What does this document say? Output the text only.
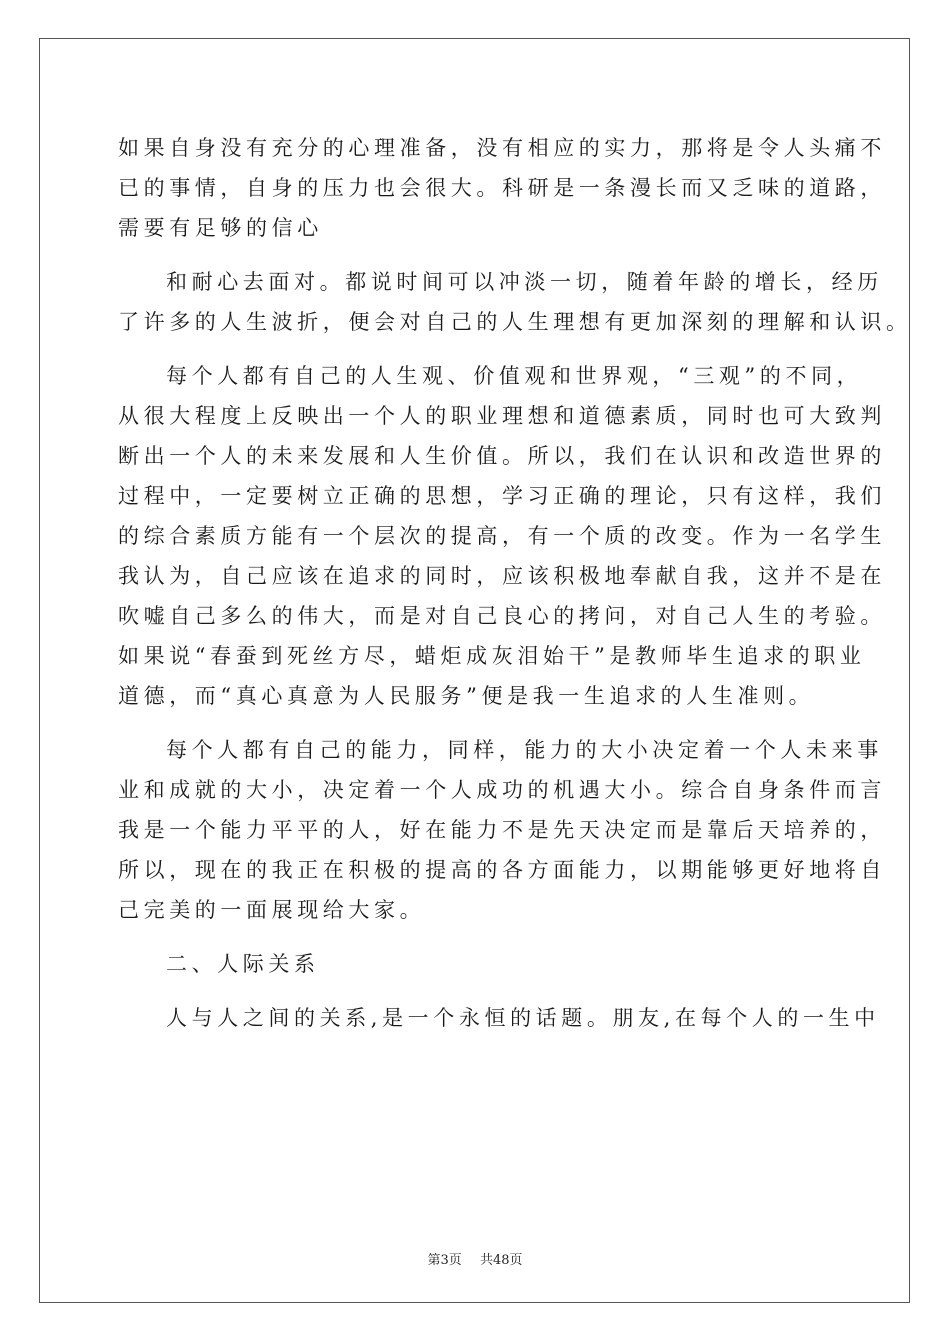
如果自身没有充分的心理准备，没有相应的实力，那将是令人头痛不
已的事情，自身的压力也会很大。科研是一条漫长而又乏味的道路，
需要有足够的信心
和耐心去面对。都说时间可以冲淡一切，随着年龄的增长，经历
了许多的人生波折，便会对自己的人生理想有更加深刻的理解和认识。
每个人都有自己的人生观、价值观和世界观，“三观”的不同，
从很大程度上反映出一个人的职业理想和道德素质，同时也可大致判
断出一个人的未来发展和人生价值。所以，我们在认识和改造世界的
过程中，一定要树立正确的思想，学习正确的理论，只有这样，我们
的综合素质方能有一个层次的提高，有一个质的改变。作为一名学生
我认为，自己应该在追求的同时，应该积极地奉献自我，这并不是在
吹嘘自己多么的伟大，而是对自己良心的拷问，对自己人生的考验。
如果说“春蚕到死丝方尽，蜡炬成灰泪始干”是教师毕生追求的职业
道德，而“真心真意为人民服务”便是我一生追求的人生准则。
每个人都有自己的能力，同样，能力的大小决定着一个人未来事
业和成就的大小，决定着一个人成功的机遇大小。综合自身条件而言
我是一个能力平平的人，好在能力不是先天决定而是靠后天培养的，
所以，现在的我正在积极的提高的各方面能力，以期能够更好地将自
己完美的一面展现给大家。
二、人际关系
人与人之间的关系,是一个永恒的话题。朋友,在每个人的一生中
第3页 共48页
